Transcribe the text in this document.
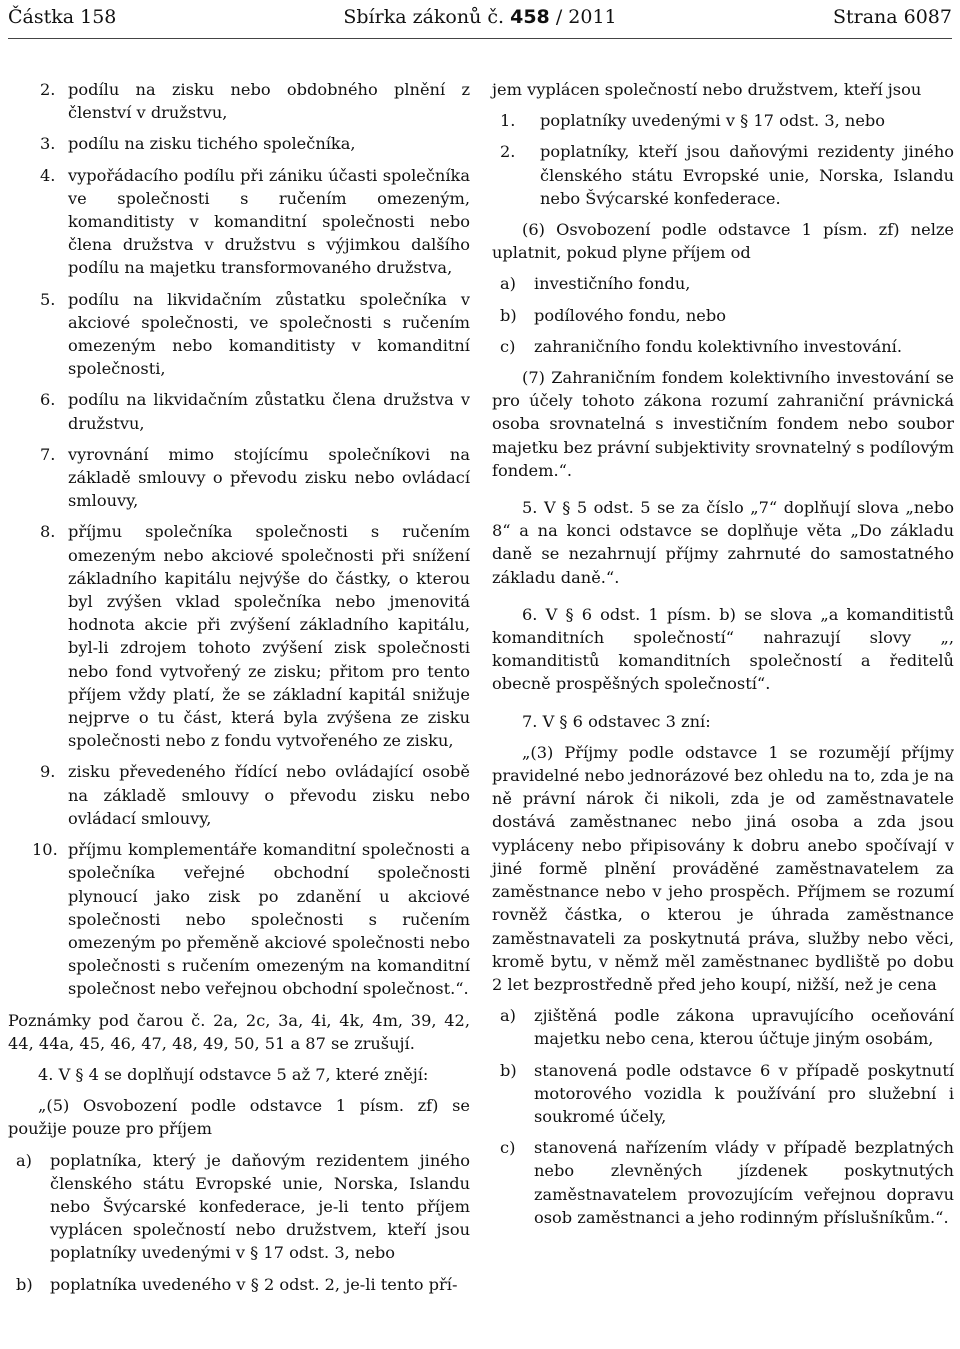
Částka 158	Sbírka zákonů č. 458 / 2011	Strana 6087
2. podílu na zisku nebo obdobného plnění z členství v družstvu,
3. podílu na zisku tichého společníka,
4. vypořádacího podílu při zániku účasti společníka ve společnosti s ručením omezeným, komanditisty v komanditní společnosti nebo člena družstva v družstvu s výjimkou dalšího podílu na majetku transformovaného družstva,
5. podílu na likvidačním zůstatku společníka v akciové společnosti, ve společnosti s ručením omezeným nebo komanditisty v komanditní společnosti,
6. podílu na likvidačním zůstatku člena družstva v družstvu,
7. vyrovnání mimo stojícímu společníkovi na základě smlouvy o převodu zisku nebo ovládací smlouvy,
8. příjmu společníka společnosti s ručením omezeným nebo akciové společnosti při snížení základního kapitálu nejvýše do částky, o kterou byl zvýšen vklad společníka nebo jmenovitá hodnota akcie při zvýšení základního kapitálu, byl-li zdrojem tohoto zvýšení zisk společnosti nebo fond vytvořený ze zisku; přitom pro tento příjem vždy platí, že se základní kapitál snižuje nejprve o tu část, která byla zvýšena ze zisku společnosti nebo z fondu vytvořeného ze zisku,
9. zisku převedeného řídící nebo ovládající osobě na základě smlouvy o převodu zisku nebo ovládací smlouvy,
10. příjmu komplementáře komanditní společnosti a společníka veřejné obchodní společnosti plynoucí jako zisk po zdanění u akciové společnosti nebo společnosti s ručením omezeným po přeměně akciové společnosti nebo společnosti s ručením omezeným na komanditní společnost nebo veřejnou obchodní společnost.“.

Poznámky pod čarou č. 2a, 2c, 3a, 4i, 4k, 4m, 39, 42, 44, 44a, 45, 46, 47, 48, 49, 50, 51 a 87 se zrušují.

4. V § 4 se doplňují odstavce 5 až 7, které znějí:

„(5) Osvobození podle odstavce 1 písm. zf) se použije pouze pro příjem

a) poplatníka, který je daňovým rezidentem jiného členského státu Evropské unie, Norska, Islandu nebo Švýcarské konfederace, je-li tento příjem vyplácen společností nebo družstvem, kteří jsou poplatníky uvedenými v § 17 odst. 3, nebo
b) poplatníka uvedeného v § 2 odst. 2, je-li tento pří-

jem vyplácen společností nebo družstvem, kteří jsou

1. poplatníky uvedenými v § 17 odst. 3, nebo
2. poplatníky, kteří jsou daňovými rezidenty jiného členského státu Evropské unie, Norska, Islandu nebo Švýcarské konfederace.

(6) Osvobození podle odstavce 1 písm. zf) nelze uplatnit, pokud plyne příjem od

a) investičního fondu,
b) podílového fondu, nebo
c) zahraničního fondu kolektivního investování.

(7) Zahraničním fondem kolektivního investování se pro účely tohoto zákona rozumí zahraniční právnická osoba srovnatelná s investičním fondem nebo soubor majetku bez právní subjektivity srovnatelný s podílovým fondem.“.

5. V § 5 odst. 5 se za číslo „7“ doplňují slova „nebo 8“ a na konci odstavce se doplňuje věta „Do základu daně se nezahrnují příjmy zahrnuté do samostatného základu daně.“.

6. V § 6 odst. 1 písm. b) se slova „a komanditistů komanditních společností“ nahrazují slovy „, komanditistů komanditních společností a ředitelů obecně prospěšných společností“.

7. V § 6 odstavec 3 zní:

„(3) Příjmy podle odstavce 1 se rozumějí příjmy pravidelné nebo jednorázové bez ohledu na to, zda je na ně právní nárok či nikoli, zda je od zaměstnavatele dostává zaměstnanec nebo jiná osoba a zda jsou vypláceny nebo připisovány k dobru anebo spočívají v jiné formě plnění prováděné zaměstnavatelem za zaměstnance nebo v jeho prospěch. Příjmem se rozumí rovněž částka, o kterou je úhrada zaměstnance zaměstnavateli za poskytnutá práva, služby nebo věci, kromě bytu, v němž měl zaměstnanec bydliště po dobu 2 let bezprostředně před jeho koupí, nižší, než je cena

a) zjištěná podle zákona upravujícího oceňování majetku nebo cena, kterou účtuje jiným osobám,
b) stanovená podle odstavce 6 v případě poskytnutí motorového vozidla k používání pro služební i soukromé účely,
c) stanovená nařízením vlády v případě bezplatných nebo zlevněných jízdenek poskytnutých zaměstnavatelem provozujícím veřejnou dopravu osob zaměstnanci a jeho rodinným příslušníkům.“.
